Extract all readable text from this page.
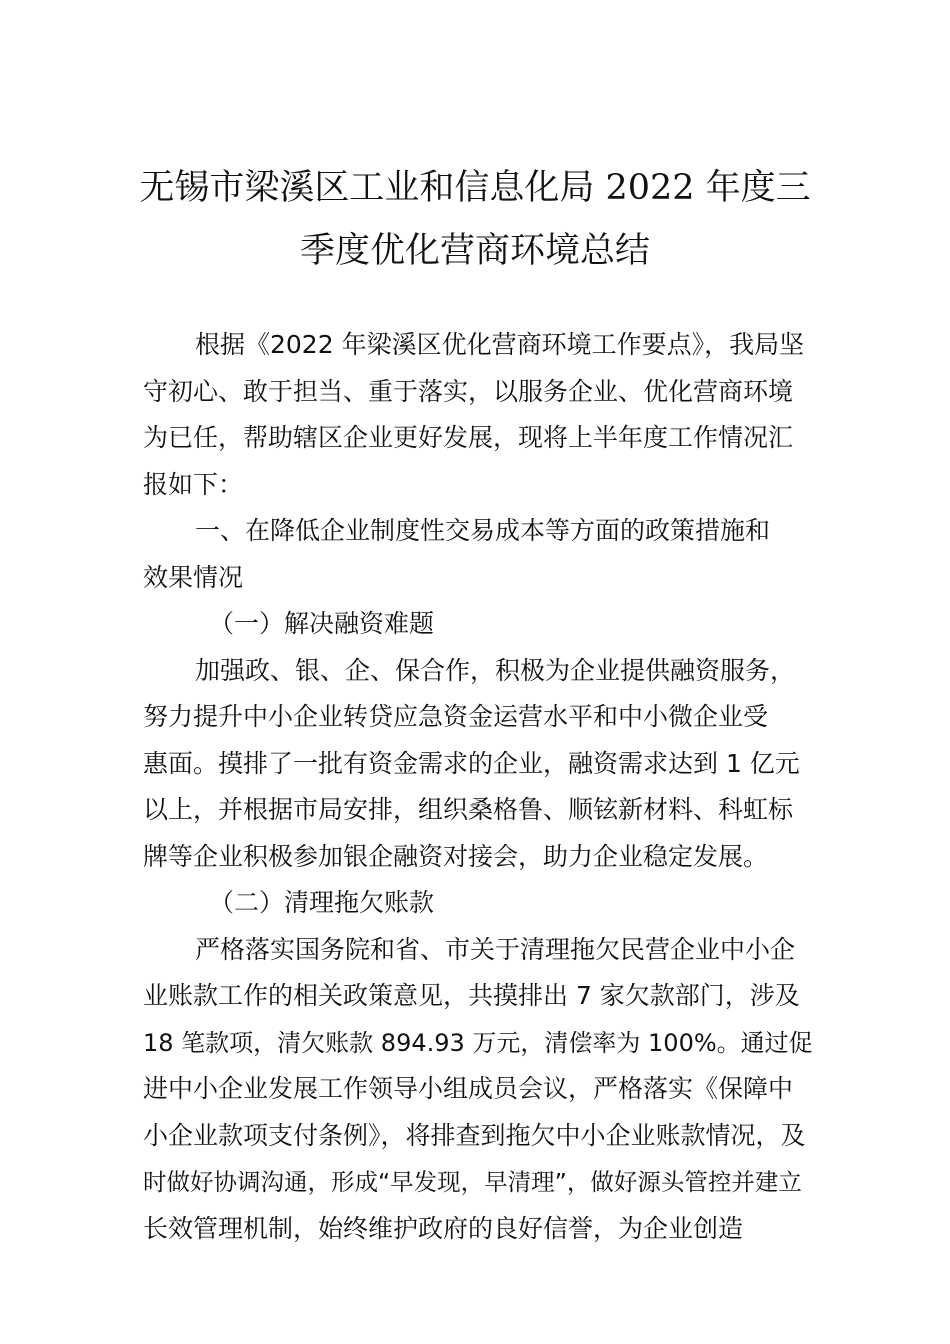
无锡市梁溪区工业和信息化局 2022 年度三
季度优化营商环境总结
根据《2022 年梁溪区优化营商环境工作要点》，我局坚
守初心、敢于担当、重于落实，以服务企业、优化营商环境
为已任，帮助辖区企业更好发展，现将上半年度工作情况汇
报如下：
一、在降低企业制度性交易成本等方面的政策措施和
效果情况
（一）解决融资难题
加强政、银、企、保合作，积极为企业提供融资服务，
努力提升中小企业转贷应急资金运营水平和中小微企业受
惠面。摸排了一批有资金需求的企业，融资需求达到 1 亿元
以上，并根据市局安排，组织桑格鲁、顺铉新材料、科虹标
牌等企业积极参加银企融资对接会，助力企业稳定发展。
（二）清理拖欠账款
严格落实国务院和省、市关于清理拖欠民营企业中小企
业账款工作的相关政策意见，共摸排出 7 家欠款部门，涉及
18 笔款项，清欠账款 894.93 万元，清偿率为 100%。通过促
进中小企业发展工作领导小组成员会议，严格落实《保障中
小企业款项支付条例》，将排查到拖欠中小企业账款情况，及
时做好协调沟通，形成“早发现，早清理”，做好源头管控并建立
长效管理机制，始终维护政府的良好信誉，为企业创造
